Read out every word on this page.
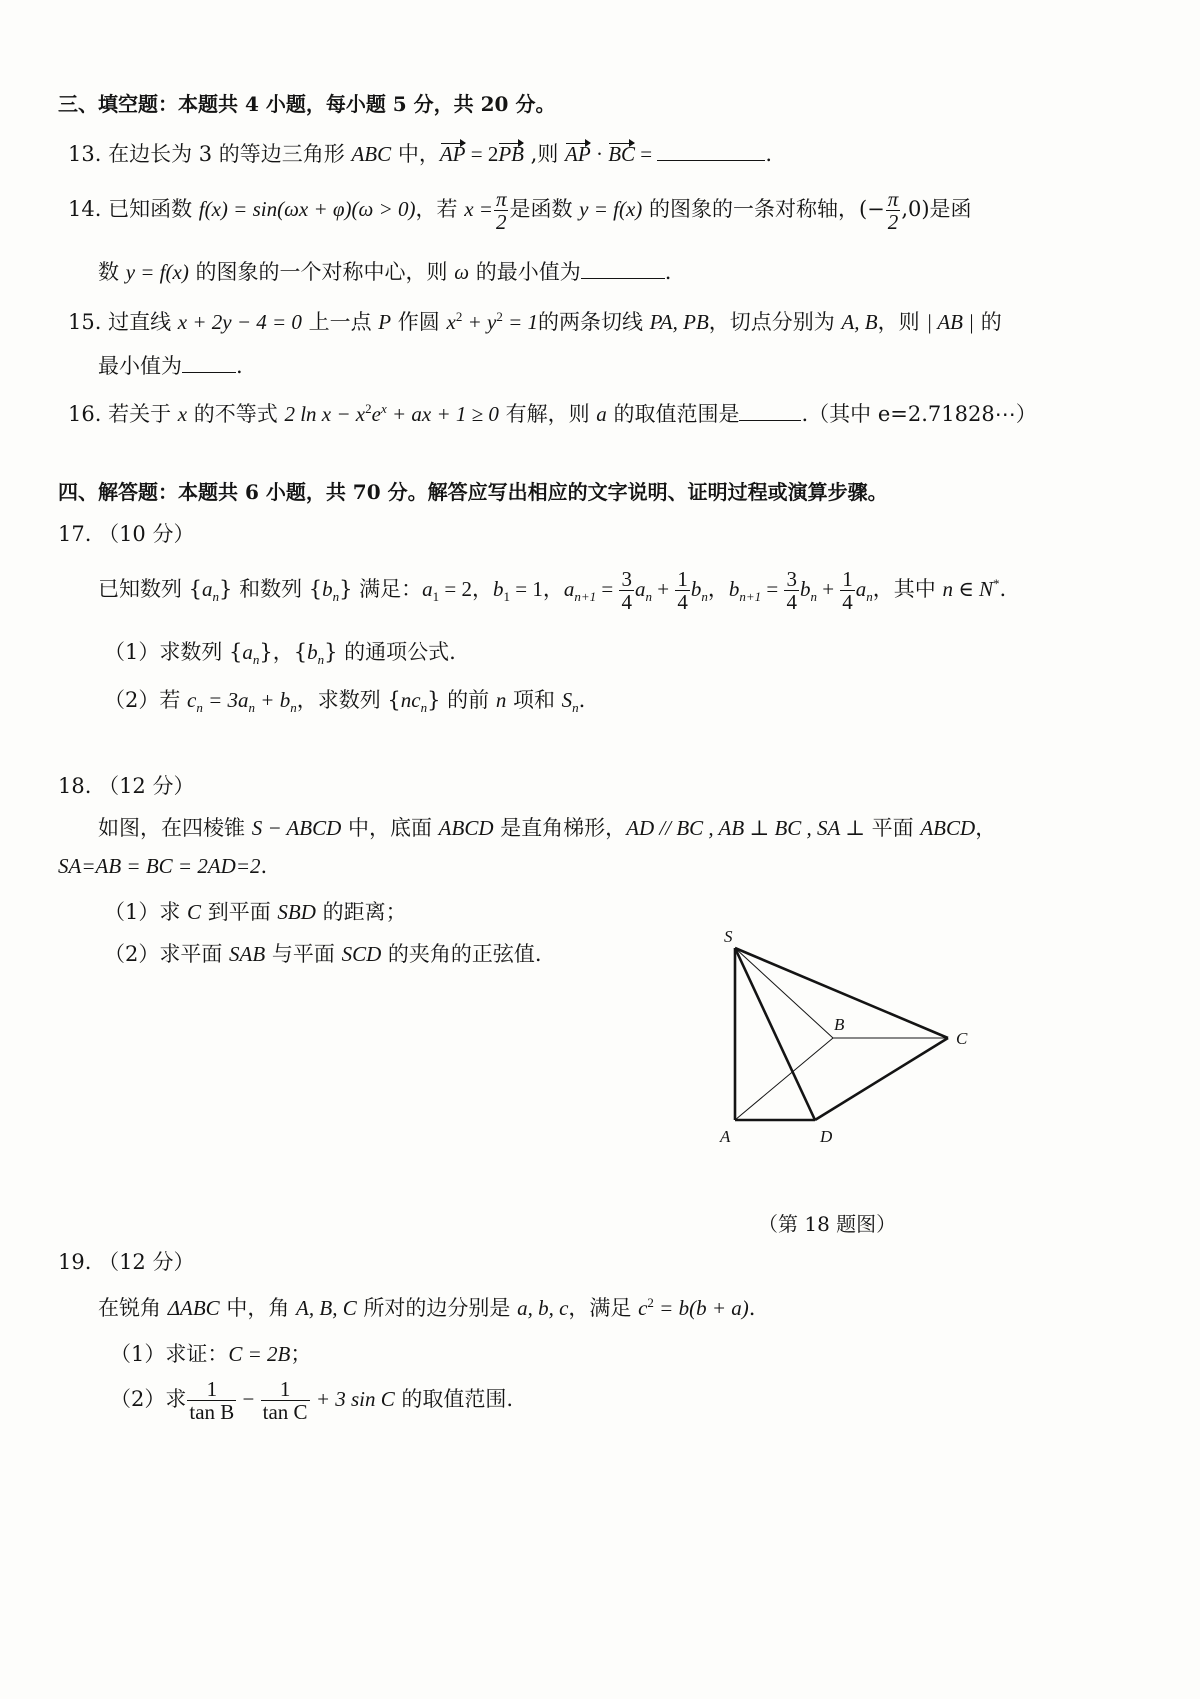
三、填空题：本题共 4 小题，每小题 5 分，共 20 分。
13. 在边长为 3 的等边三角形 ABC 中，AP = 2PB ,则 AP · BC =	.
14. 已知函数 f(x) = sin(ωx + φ)(ω > 0)，若 $x = \frac{\pi}{2}$ 是函数 y = f(x) 的图象的一条对称轴，(− $\frac{\pi}{2} ,0$)是函
数 y = f(x) 的图象的一个对称中心，则 ω 的最小值为	.
15. 过直线 x + 2y − 4 = 0 上一点 P 作圆 $x^2 + y^2 = 1$的两条切线 PA, PB，切点分别为 A, B，则 | AB | 的
最小值为	.
16. 若关于 x 的不等式 2 $\ln x - x^2e^x$ + ax + 1 ≥ 0 有解，则 a 的取值范围是	.（其中 e=2.71828⋯）
四、解答题：本题共 6 小题，共 70 分。解答应写出相应的文字说明、证明过程或演算步骤。
17. （10 分）
已知数列 $\{a_n\}$ 和数列 $\{b_n\}$ 满足：$a_1 = 2$，$b_1 = 1$，$a_{n+1} = \frac{3}{4} a_n + \frac{1}{4} b_n$，$b_{n+1} = \frac{3}{4} b_n + \frac{1}{4} a_n$，其中 n ∈ N*.
（1）求数列 $\{a_n\}$，$\{b_n\}$ 的通项公式.
（2）若 $c_n = 3a_n + b_n$，求数列 $\{nc_n\}$ 的前 n 项和 $S_n$.
18. （12 分）
如图，在四棱锥 S − ABCD 中，底面 ABCD 是直角梯形，AD // BC , AB ⊥ BC , SA ⊥ 平面 ABCD，
SA=AB = BC = 2AD=2.
（1）求 C 到平面 SBD 的距离；
（2）求平面 SAB 与平面 SCD 的夹角的正弦值.
S
A
B
C
D
（第 18 题图）
19. （12 分）
在锐角 ΔABC 中，角 A, B, C 所对的边分别是 a, b, c，满足 $c^2 = b(b + a)$.
（1）求证：C = 2B；
（2）求 $\frac{1}{\text{tan B}} - \frac{1}{\text{tan C}} + 3$ sin C 的取值范围.
